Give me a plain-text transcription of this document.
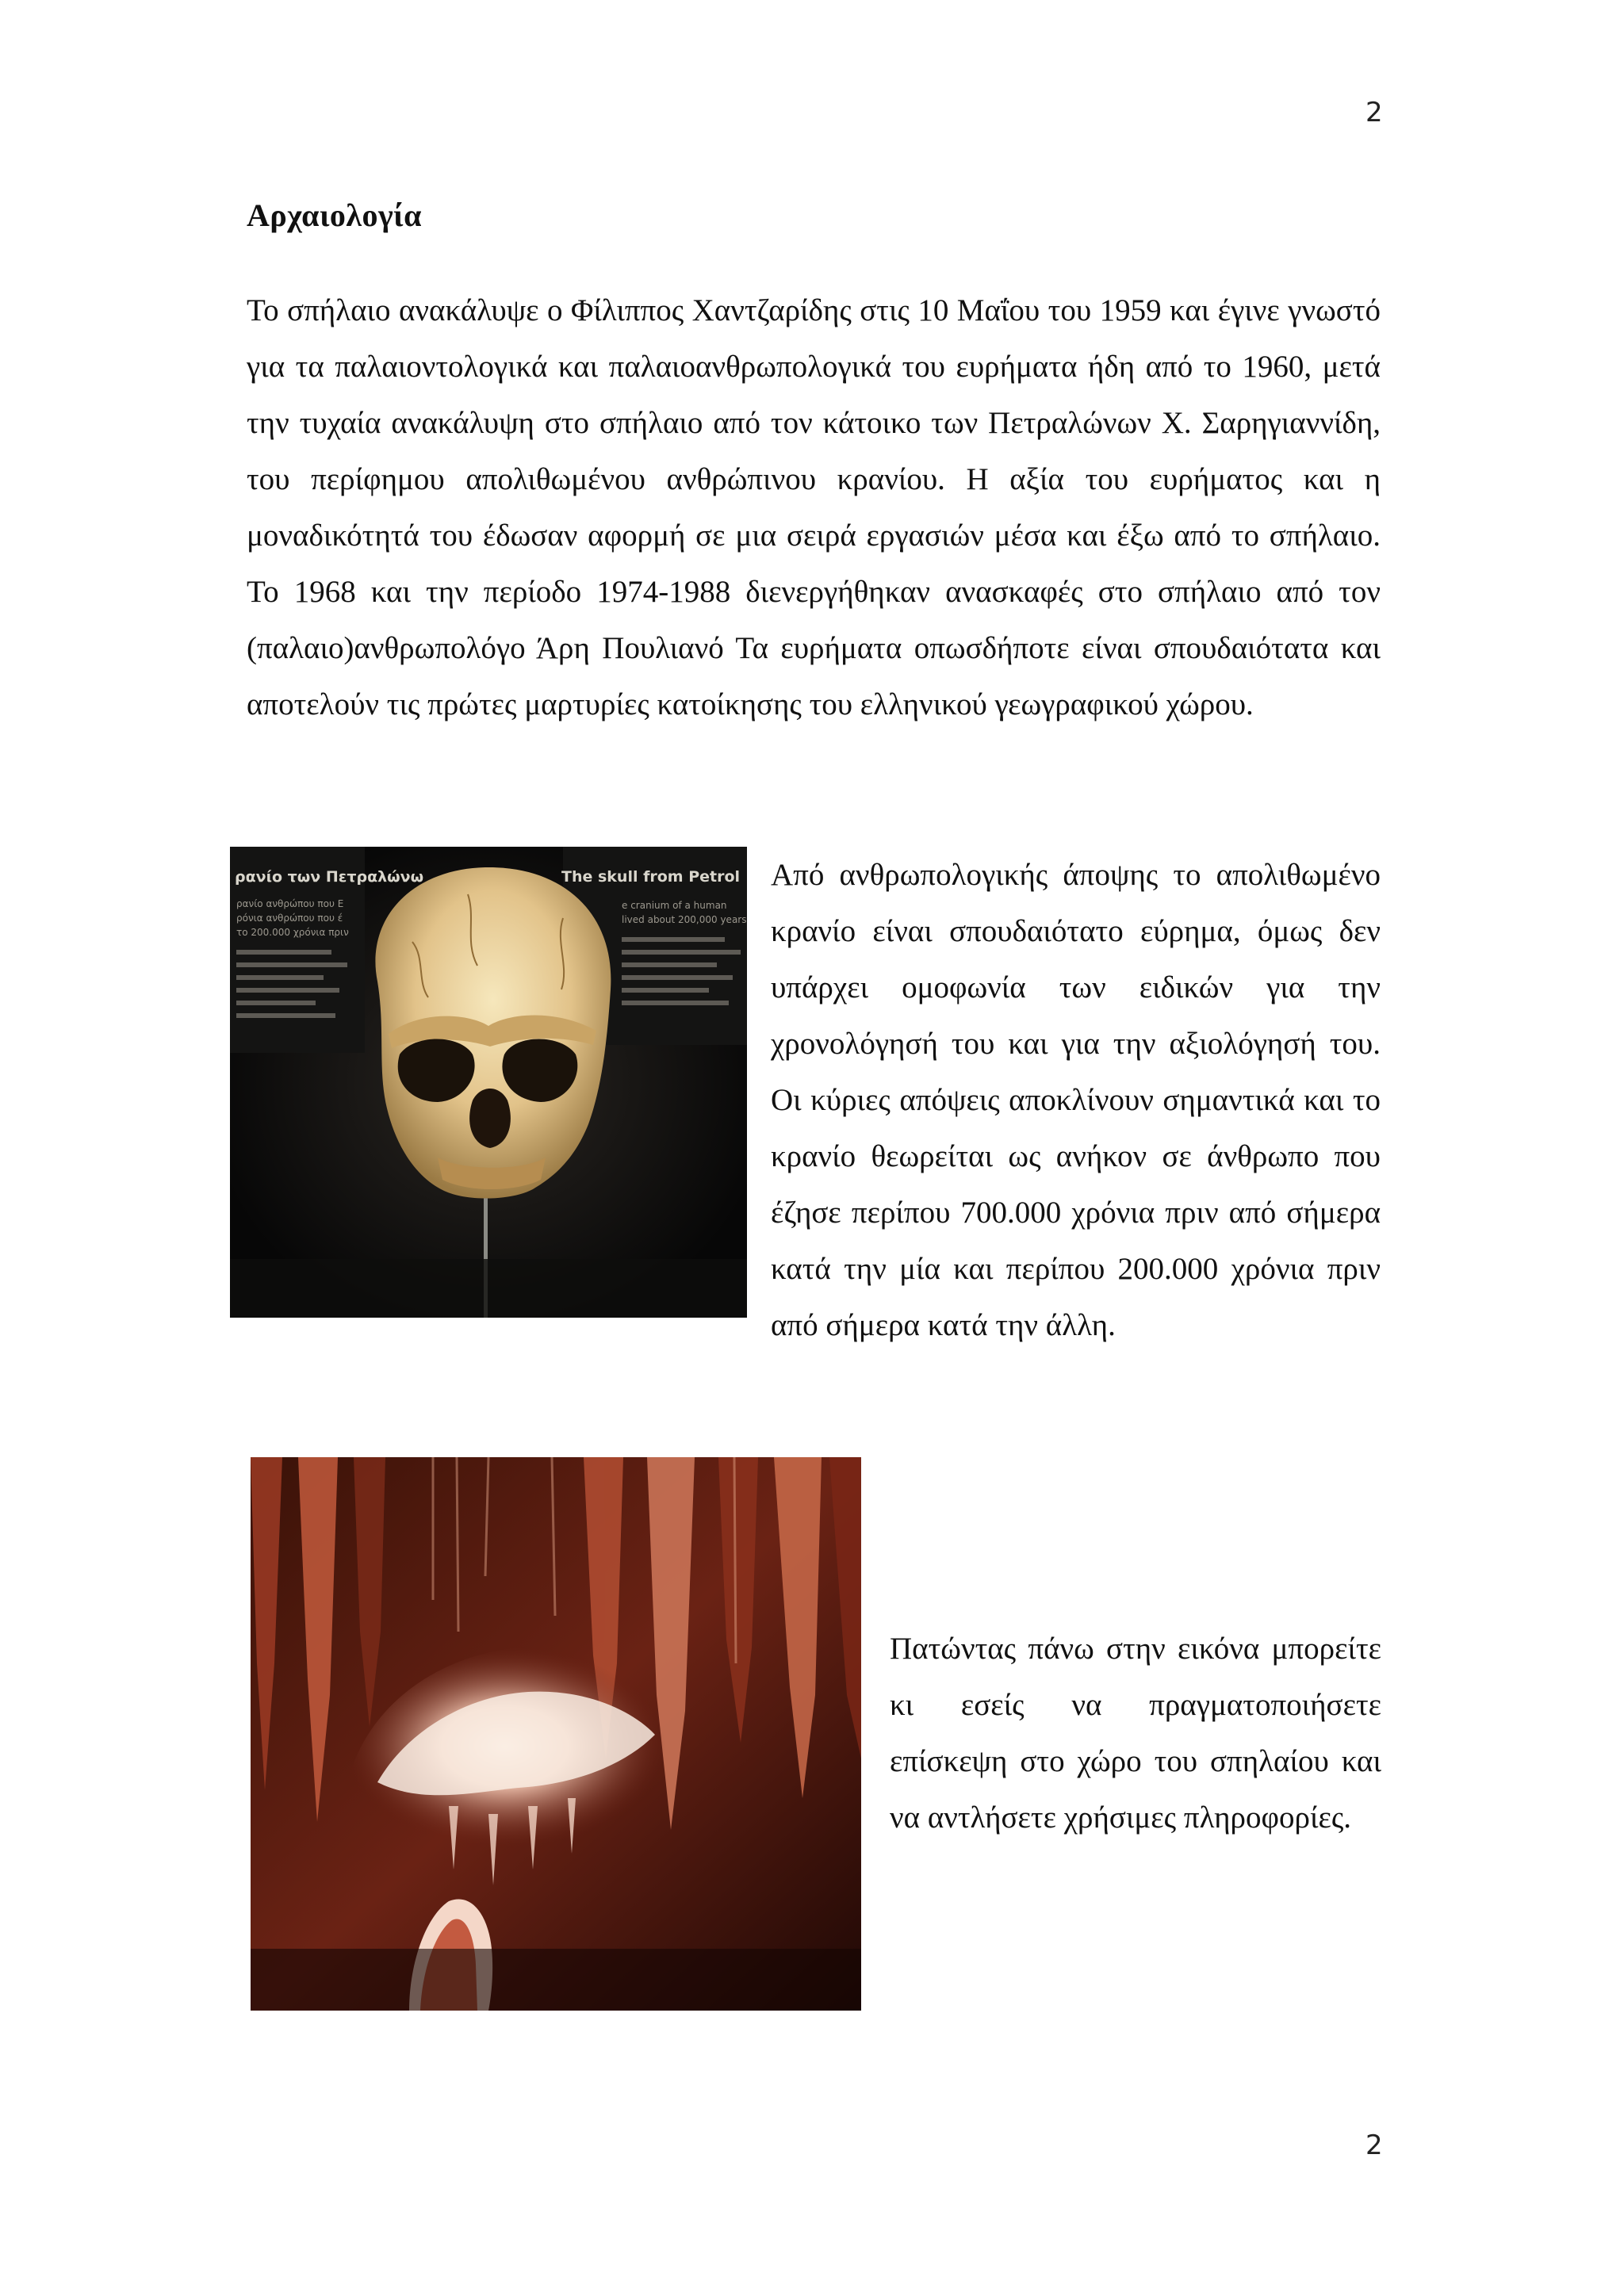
2
Αρχαιολογία

Το σπήλαιο ανακάλυψε ο Φίλιππος Χαντζαρίδης στις 10 Μαΐου του 1959 και έγινε γνωστό για τα παλαιοντολογικά και παλαιοανθρωπολογικά του ευρήματα ήδη από το 1960, μετά την τυχαία ανακάλυψη στο σπήλαιο από τον κάτοικο των Πετραλώνων Χ. Σαρηγιαννίδη, του περίφημου απολιθωμένου ανθρώπινου κρανίου. Η αξία του ευρήματος και η μοναδικότητά του έδωσαν αφορμή σε μια σειρά εργασιών μέσα και έξω από το σπήλαιο. Το 1968 και την περίοδο 1974-1988 διενεργήθηκαν ανασκαφές στο σπήλαιο από τον (παλαιο)ανθρωπολόγο Άρη Πουλιανό Τα ευρήματα οπωσδήποτε είναι σπουδαιότατα και αποτελούν τις πρώτες μαρτυρίες κατοίκησης του ελληνικού γεωγραφικού χώρου.

ρανίο των Πετραλώνω
ρανίο ανθρώπου που Ε
ρόνια ανθρώπου που έ
το 200.000 χρόνια πριν
The skull from Petrol
e cranium of a human
lived about 200,000 years

Από ανθρωπολογικής άποψης το απολιθωμένο κρανίο είναι σπουδαιότατο εύρημα, όμως δεν υπάρχει ομοφωνία των ειδικών για την χρονολόγησή του και για την αξιολόγησή του. Οι κύριες απόψεις αποκλίνουν σημαντικά και το κρανίο θεωρείται ως ανήκον σε άνθρωπο που έζησε περίπου 700.000 χρόνια πριν από σήμερα κατά την μία και περίπου 200.000 χρόνια πριν από σήμερα κατά την άλλη.

Πατώντας πάνω στην εικόνα μπορείτε κι εσείς να πραγματοποιήσετε επίσκεψη στο χώρο του σπηλαίου και να αντλήσετε χρήσιμες πληροφορίες.

2
